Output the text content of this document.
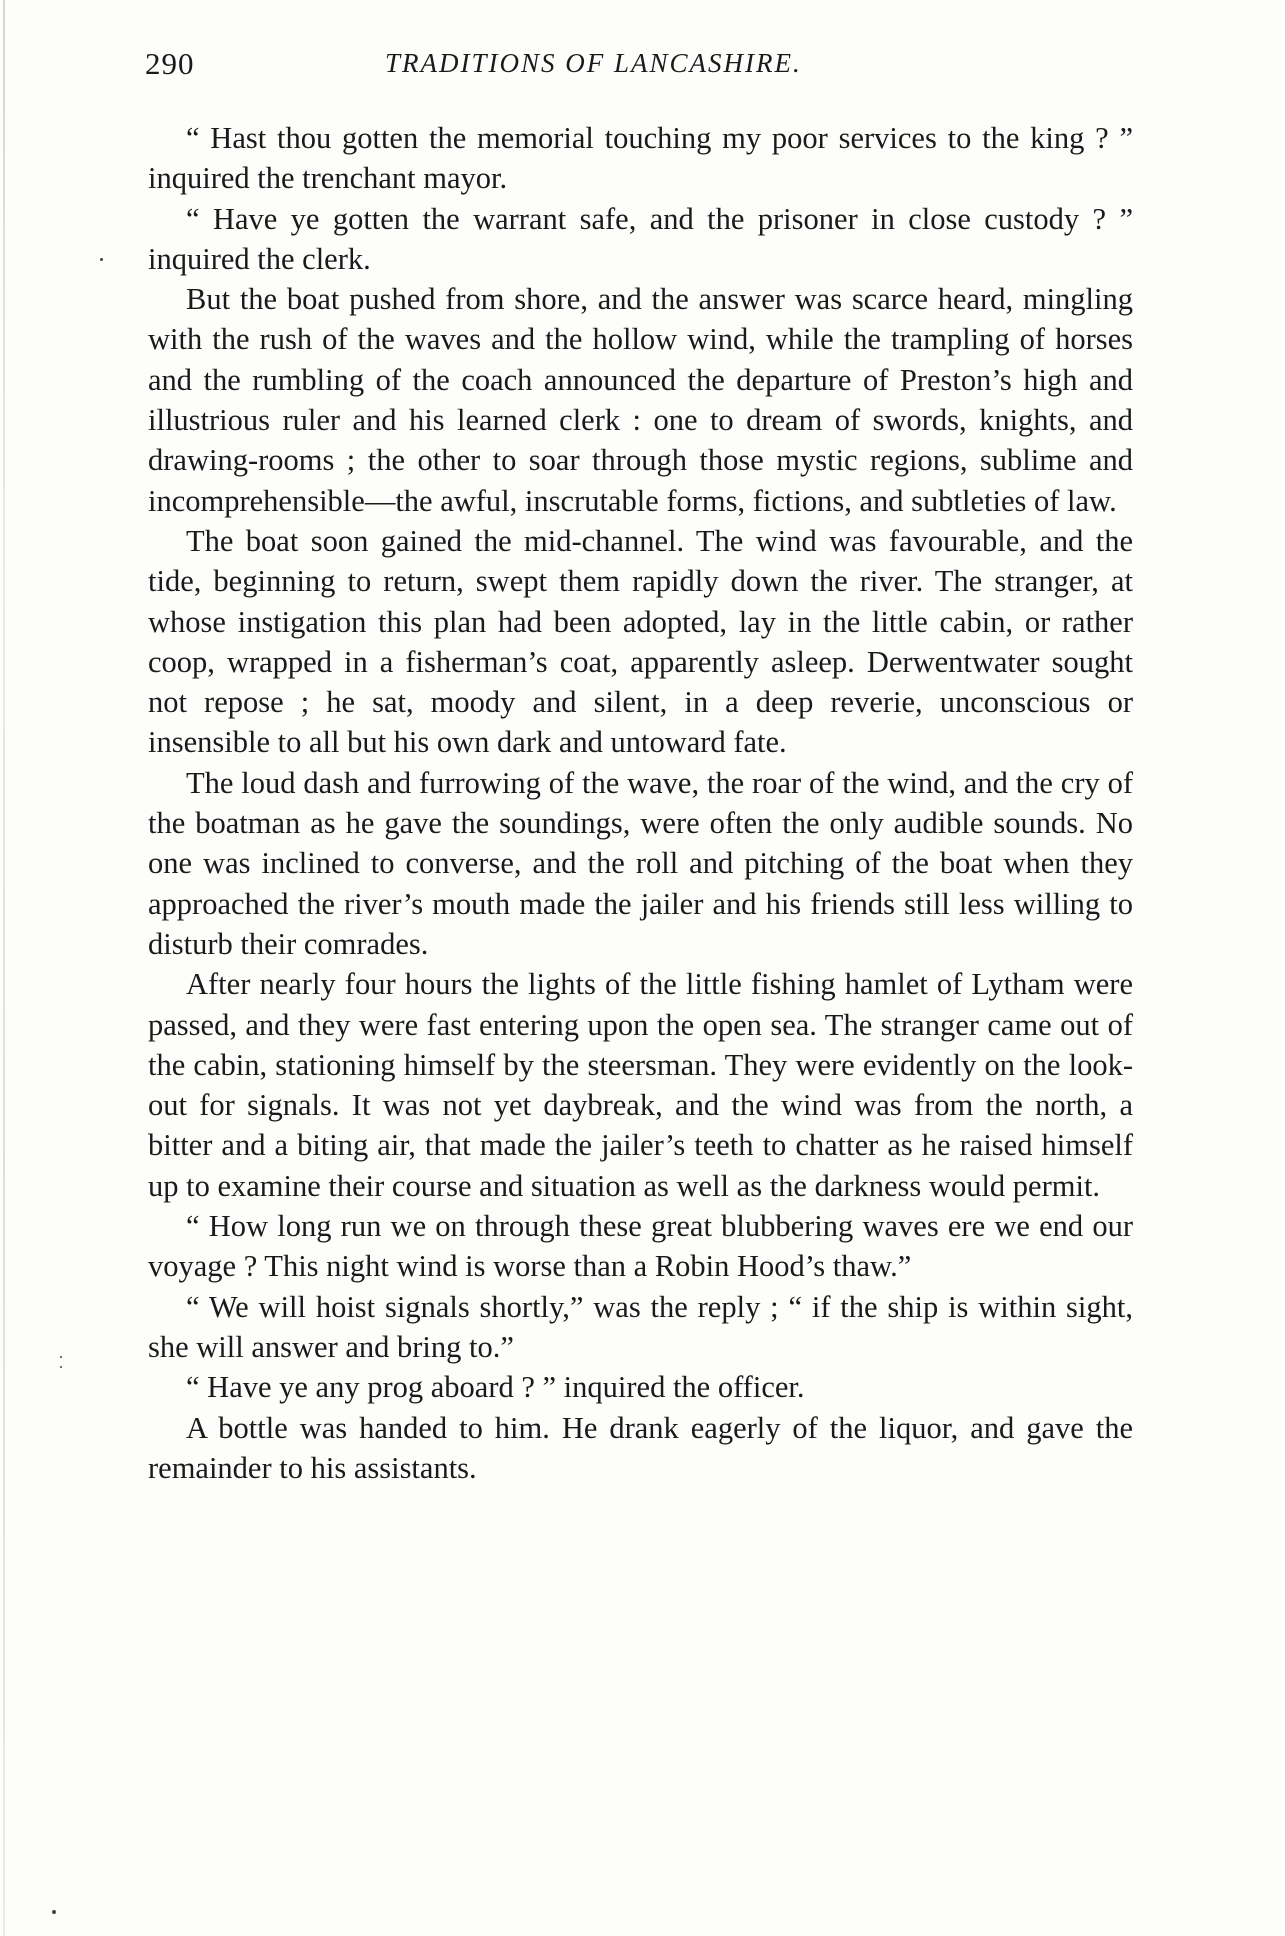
290	TRADITIONS OF LANCASHIRE.

“ Hast thou gotten the memorial touching my poor services to the king ? ” inquired the trenchant mayor.

“ Have ye gotten the warrant safe, and the prisoner in close custody ? ” inquired the clerk.

But the boat pushed from shore, and the answer was scarce heard, mingling with the rush of the waves and the hollow wind, while the trampling of horses and the rumbling of the coach announced the departure of Preston’s high and illustrious ruler and his learned clerk : one to dream of swords, knights, and drawing-rooms ; the other to soar through those mystic regions, sublime and incomprehensible—the awful, inscrutable forms, fictions, and subtleties of law.

The boat soon gained the mid-channel. The wind was favourable, and the tide, beginning to return, swept them rapidly down the river. The stranger, at whose instigation this plan had been adopted, lay in the little cabin, or rather coop, wrapped in a fisherman’s coat, apparently asleep. Derwentwater sought not repose ; he sat, moody and silent, in a deep reverie, unconscious or insensible to all but his own dark and untoward fate.

The loud dash and furrowing of the wave, the roar of the wind, and the cry of the boatman as he gave the soundings, were often the only audible sounds. No one was inclined to converse, and the roll and pitching of the boat when they approached the river’s mouth made the jailer and his friends still less willing to disturb their comrades.

After nearly four hours the lights of the little fishing hamlet of Lytham were passed, and they were fast entering upon the open sea. The stranger came out of the cabin, stationing himself by the steersman. They were evidently on the look-out for signals. It was not yet daybreak, and the wind was from the north, a bitter and a biting air, that made the jailer’s teeth to chatter as he raised himself up to examine their course and situation as well as the darkness would permit.

“ How long run we on through these great blubbering waves ere we end our voyage ? This night wind is worse than a Robin Hood’s thaw.”

“ We will hoist signals shortly,” was the reply ; “ if the ship is within sight, she will answer and bring to.”

“ Have ye any prog aboard ? ” inquired the officer.

A bottle was handed to him. He drank eagerly of the liquor, and gave the remainder to his assistants.
